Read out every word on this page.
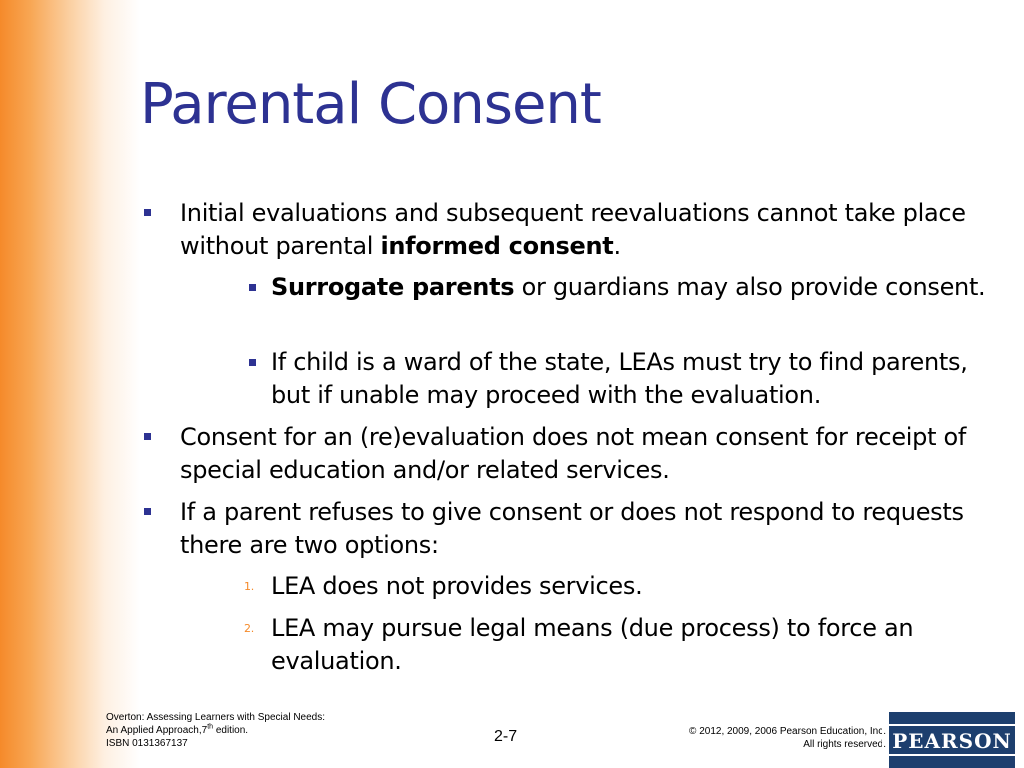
Parental Consent
Initial evaluations and subsequent reevaluations cannot take place without parental informed consent.
Surrogate parents or guardians may also provide consent.
If child is a ward of the state, LEAs must try to find parents, but if unable may proceed with the evaluation.
Consent for an (re)evaluation does not mean consent for receipt of special education and/or related services.
If a parent refuses to give consent or does not respond to requests there are two options:
1. LEA does not provides services.
2. LEA may pursue legal means (due process) to force an evaluation.
Overton: Assessing Learners with Special Needs:
An Applied Approach,7th edition.
ISBN 0131367137	2-7	© 2012, 2009, 2006 Pearson Education, Inc.
All rights reserved. PEARSON
